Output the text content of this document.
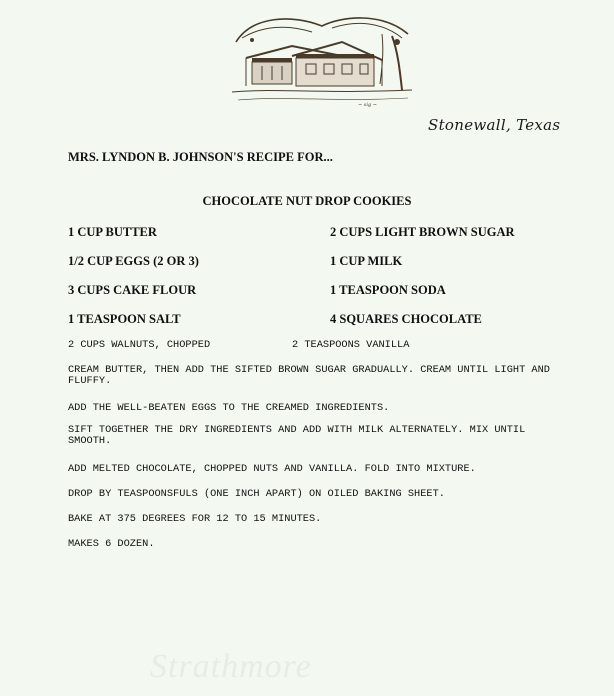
~ sig ~
Stonewall, Texas
MRS. LYNDON B. JOHNSON'S RECIPE FOR...
CHOCOLATE NUT DROP COOKIES
1 CUP BUTTER	2 CUPS LIGHT BROWN SUGAR
1/2 CUP EGGS (2 OR 3)	1 CUP MILK
3 CUPS CAKE FLOUR	1 TEASPOON SODA
1 TEASPOON SALT	4 SQUARES CHOCOLATE
2 CUPS WALNUTS, CHOPPED	2 TEASPOONS VANILLA
CREAM BUTTER, THEN ADD THE SIFTED BROWN SUGAR GRADUALLY. CREAM UNTIL LIGHT AND FLUFFY.
ADD THE WELL-BEATEN EGGS TO THE CREAMED INGREDIENTS.
SIFT TOGETHER THE DRY INGREDIENTS AND ADD WITH MILK ALTERNATELY. MIX UNTIL SMOOTH.
ADD MELTED CHOCOLATE, CHOPPED NUTS AND VANILLA. FOLD INTO MIXTURE.
DROP BY TEASPOONSFULS (ONE INCH APART) ON OILED BAKING SHEET.
BAKE AT 375 DEGREES FOR 12 TO 15 MINUTES.
MAKES 6 DOZEN.
Strathmore
